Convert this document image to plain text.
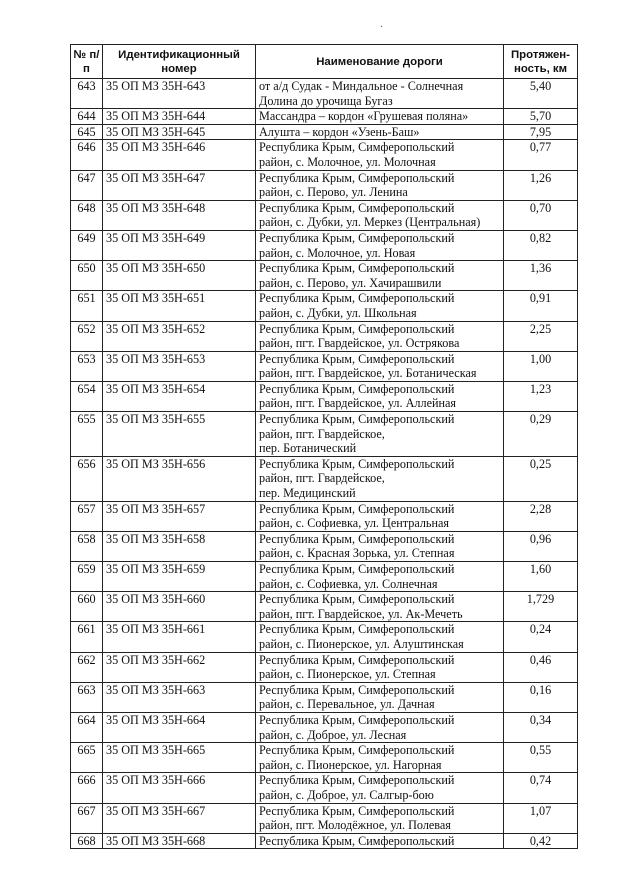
·
№ п/п	Идентификационный номер	Наименование дороги	Протяжен-ность, км
643	35 ОП МЗ 35Н-643	от а/д Судак - Миндальное - Солнечная
Долина до урочища Бугаз	5,40
644	35 ОП МЗ 35Н-644	Массандра – кордон «Грушевая поляна»	5,70
645	35 ОП МЗ 35Н-645	Алушта – кордон «Узень-Баш»	7,95
646	35 ОП МЗ 35Н-646	Республика Крым, Симферопольский
район, с. Молочное, ул. Молочная	0,77
647	35 ОП МЗ 35Н-647	Республика Крым, Симферопольский
район, с. Перово, ул. Ленина	1,26
648	35 ОП МЗ 35Н-648	Республика Крым, Симферопольский
район, с. Дубки, ул. Меркез (Центральная)	0,70
649	35 ОП МЗ 35Н-649	Республика Крым, Симферопольский
район, с. Молочное, ул. Новая	0,82
650	35 ОП МЗ 35Н-650	Республика Крым, Симферопольский
район, с. Перово, ул. Хачирашвили	1,36
651	35 ОП МЗ 35Н-651	Республика Крым, Симферопольский
район, с. Дубки, ул. Школьная	0,91
652	35 ОП МЗ 35Н-652	Республика Крым, Симферопольский
район, пгт. Гвардейское, ул. Острякова	2,25
653	35 ОП МЗ 35Н-653	Республика Крым, Симферопольский
район, пгт. Гвардейское, ул. Ботаническая	1,00
654	35 ОП МЗ 35Н-654	Республика Крым, Симферопольский
район, пгт. Гвардейское, ул. Аллейная	1,23
655	35 ОП МЗ 35Н-655	Республика Крым, Симферопольский
район, пгт. Гвардейское,
пер. Ботанический	0,29
656	35 ОП МЗ 35Н-656	Республика Крым, Симферопольский
район, пгт. Гвардейское,
пер. Медицинский	0,25
657	35 ОП МЗ 35Н-657	Республика Крым, Симферопольский
район, с. Софиевка, ул. Центральная	2,28
658	35 ОП МЗ 35Н-658	Республика Крым, Симферопольский
район, с. Красная Зорька, ул. Степная	0,96
659	35 ОП МЗ 35Н-659	Республика Крым, Симферопольский
район, с. Софиевка, ул. Солнечная	1,60
660	35 ОП МЗ 35Н-660	Республика Крым, Симферопольский
район, пгт. Гвардейское, ул. Ак-Мечеть	1,729
661	35 ОП МЗ 35Н-661	Республика Крым, Симферопольский
район, с. Пионерское, ул. Алуштинская	0,24
662	35 ОП МЗ 35Н-662	Республика Крым, Симферопольский
район, с. Пионерское, ул. Степная	0,46
663	35 ОП МЗ 35Н-663	Республика Крым, Симферопольский
район, с. Перевальное, ул. Дачная	0,16
664	35 ОП МЗ 35Н-664	Республика Крым, Симферопольский
район, с. Доброе, ул. Лесная	0,34
665	35 ОП МЗ 35Н-665	Республика Крым, Симферопольский
район, с. Пионерское, ул. Нагорная	0,55
666	35 ОП МЗ 35Н-666	Республика Крым, Симферопольский
район, с. Доброе, ул. Салгыр-бою	0,74
667	35 ОП МЗ 35Н-667	Республика Крым, Симферопольский
район, пгт. Молодёжное, ул. Полевая	1,07
668	35 ОП МЗ 35Н-668	Республика Крым, Симферопольский	0,42
